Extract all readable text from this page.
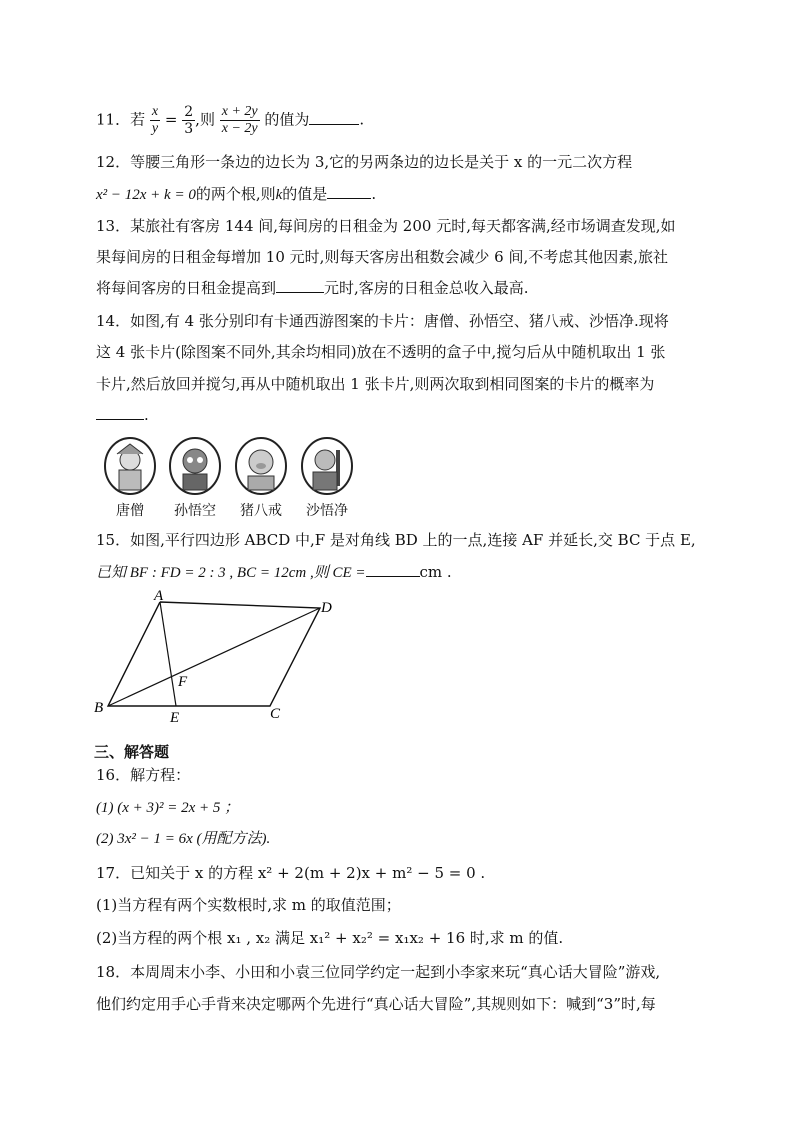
11．若 $\frac{x}{y} = \frac{2}{3}$ ,则 $\frac{x + 2y}{x - 2y}$ 的值为	.
12．等腰三角形一条边的边长为 3,它的另两条边的边长是关于 x 的一元二次方程
x² − 12x + k = 0的两个根,则k的值是	.
13．某旅社有客房 144 间,每间房的日租金为 200 元时,每天都客满,经市场调查发现,如
果每间房的日租金每增加 10 元时,则每天客房出租数会减少 6 间,不考虑其他因素,旅社
将每间客房的日租金提高到	元时,客房的日租金总收入最高.
14．如图,有 4 张分别印有卡通西游图案的卡片：唐僧、孙悟空、猪八戒、沙悟净.现将
这 4 张卡片(除图案不同外,其余均相同)放在不透明的盒子中,搅匀后从中随机取出 1 张
卡片,然后放回并搅匀,再从中随机取出 1 张卡片,则两次取到相同图案的卡片的概率为
.
唐僧	孙悟空	猪八戒	沙悟净
15．如图,平行四边形 ABCD 中,F 是对角线 BD 上的一点,连接 AF 并延长,交 BC 于点 E,
已知 BF : FD = 2 : 3 , BC = 12cm ,则 CE =	cm .
A
D
B	C
E
F
三、解答题
16．解方程：
(1) (x + 3)² = 2x + 5 ；
(2) 3x² − 1 = 6x (用配方法).
17．已知关于 x 的方程 x² + 2(m + 2)x + m² − 5 = 0 .
(1)当方程有两个实数根时,求 m 的取值范围；
(2)当方程的两个根 x₁ , x₂ 满足 x₁² + x₂² = x₁x₂ + 16 时,求 m 的值.
18．本周周末小李、小田和小袁三位同学约定一起到小李家来玩“真心话大冒险”游戏,
他们约定用手心手背来决定哪两个先进行“真心话大冒险”,其规则如下：喊到“3”时,每
